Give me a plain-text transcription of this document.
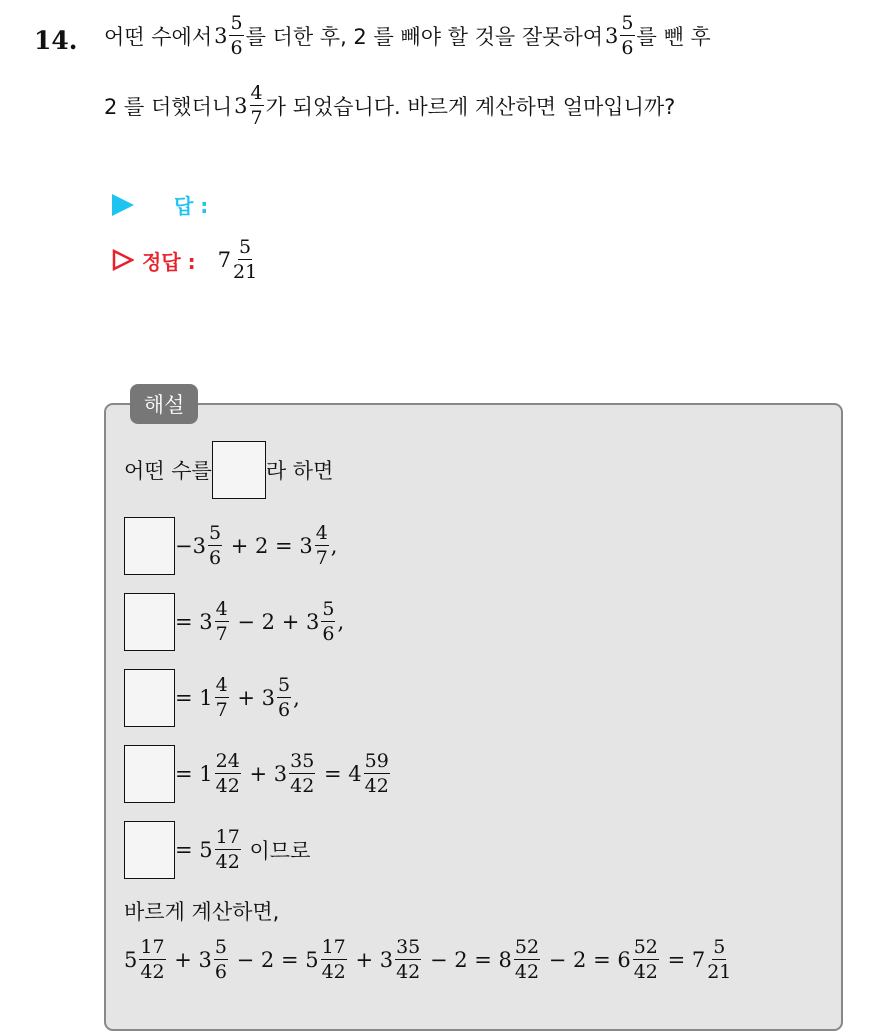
14. 어떤 수에서 $3 \frac{5}{6}$ 를 더한 후, 2 를 빼야 할 것을 잘못하여 $3 \frac{5}{6}$ 를 뺀 후
2 를 더했더니 $3 \frac{4}{7}$ 가 되었습니다. 바르게 계산하면 얼마입니까?
답 :
정답 : $7 \frac{5}{21}$
해설
어떤 수를	라 하면
$-3 \frac{5}{6} + 2 = 3 \frac{4}{7}$ ,
= $3 \frac{4}{7} - 2 + 3 \frac{5}{6}$ ,
= $1 \frac{4}{7} + 3 \frac{5}{6}$ ,
= $1 \frac{24}{42} + 3 \frac{35}{42} = 4 \frac{59}{42}$
= $5 \frac{17}{42}$ 이므로
바르게 계산하면,
$5 \frac{17}{42} + 3 \frac{5}{6} - 2 = 5 \frac{17}{42} + 3 \frac{35}{42} - 2 = 8 \frac{52}{42} - 2 = 6 \frac{52}{42} = 7 \frac{5}{21}$
